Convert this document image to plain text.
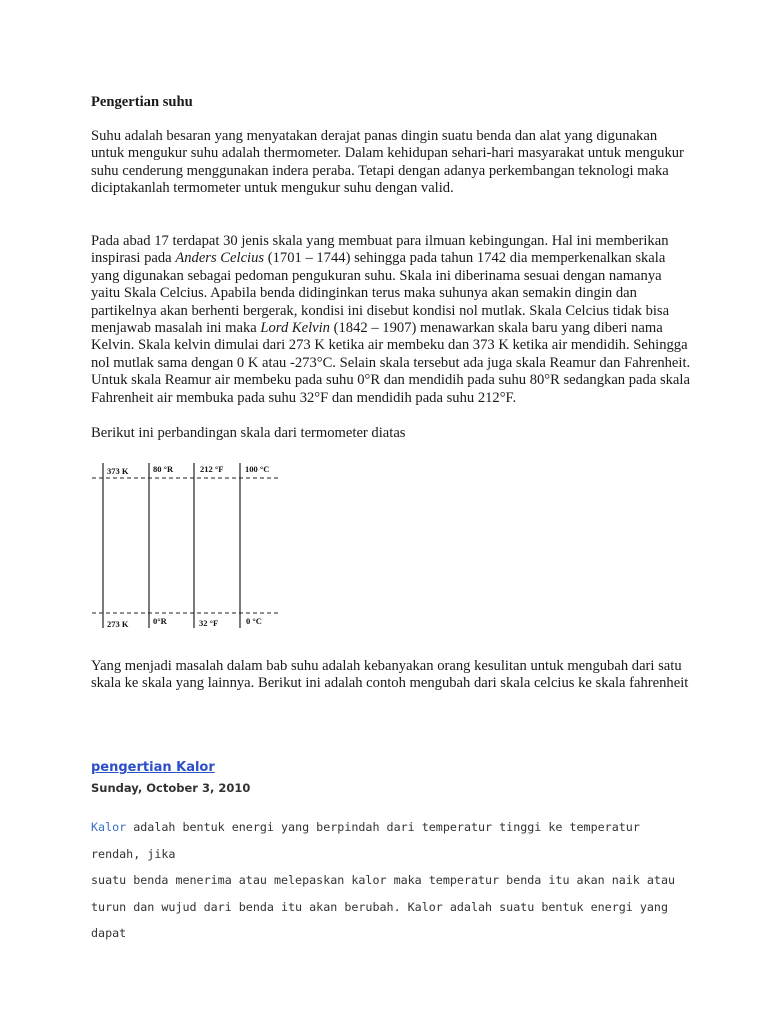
Pengertian suhu
Suhu adalah besaran yang menyatakan derajat panas dingin suatu benda dan alat yang digunakan untuk mengukur suhu adalah thermometer. Dalam kehidupan sehari-hari masyarakat untuk mengukur suhu cenderung menggunakan indera peraba. Tetapi dengan adanya perkembangan teknologi maka diciptakanlah termometer untuk mengukur suhu dengan valid.
Pada abad 17 terdapat 30 jenis skala yang membuat para ilmuan kebingungan. Hal ini memberikan inspirasi pada Anders Celcius (1701 – 1744) sehingga pada tahun 1742 dia memperkenalkan skala yang digunakan sebagai pedoman pengukuran suhu. Skala ini diberinama sesuai dengan namanya yaitu Skala Celcius. Apabila benda didinginkan terus maka suhunya akan semakin dingin dan partikelnya akan berhenti bergerak, kondisi ini disebut kondisi nol mutlak. Skala Celcius tidak bisa menjawab masalah ini maka Lord Kelvin (1842 – 1907) menawarkan skala baru yang diberi nama Kelvin. Skala kelvin dimulai dari 273 K ketika air membeku dan 373 K ketika air mendidih. Sehingga nol mutlak sama dengan 0 K atau -273°C. Selain skala tersebut ada juga skala Reamur dan Fahrenheit. Untuk skala Reamur air membeku pada suhu 0°R dan mendidih pada suhu 80°R sedangkan pada skala Fahrenheit air membuka pada suhu 32°F dan mendidih pada suhu 212°F.
Berikut ini perbandingan skala dari termometer diatas
373 K	80 °R	212 °F	100 °C
273 K	0°R	32 °F	0 °C
Yang menjadi masalah dalam bab suhu adalah kebanyakan orang kesulitan untuk mengubah dari satu skala ke skala yang lainnya. Berikut ini adalah contoh mengubah dari skala celcius ke skala fahrenheit
pengertian Kalor
Sunday, October 3, 2010
Kalor adalah bentuk energi yang berpindah dari temperatur tinggi ke temperatur rendah, jika
suatu benda menerima atau melepaskan kalor maka temperatur benda itu akan naik atau
turun dan wujud dari benda itu akan berubah. Kalor adalah suatu bentuk energi yang dapat
